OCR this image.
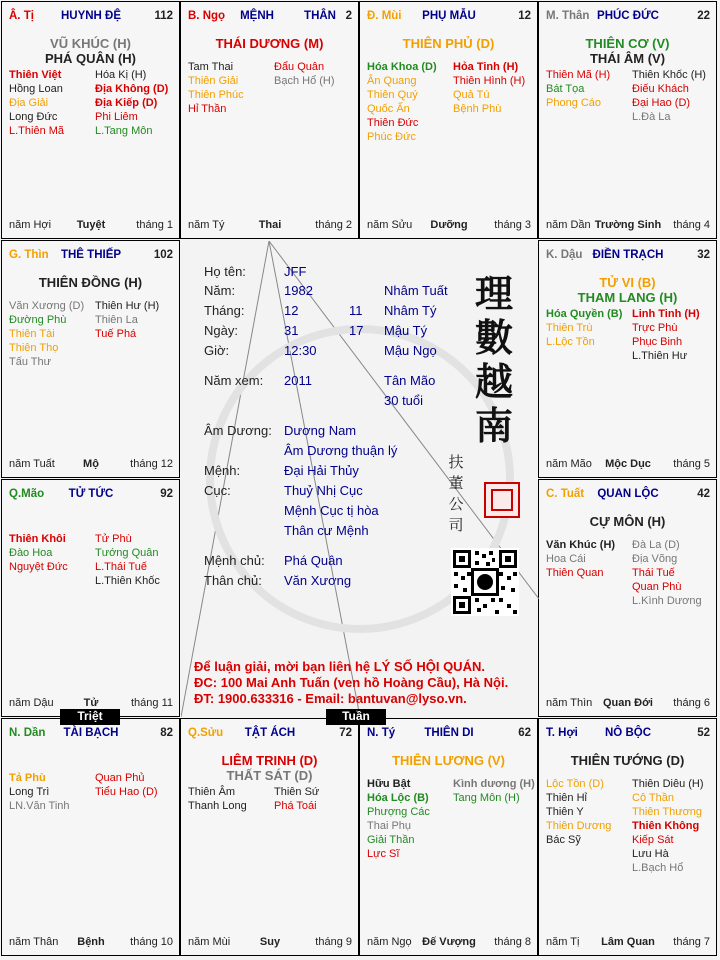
Â. Tị	HUYNH ĐỆ	112
VŨ KHÚC (H)
PHÁ QUÂN (H)
Thiên Việt
Hồng Loan
Địa Giải
Long Đức
L.Thiên Mã
Hóa Kị (H)
Địa Không (D)
Địa Kiếp (D)
Phi Liêm
L.Tang Môn
năm Hợi	Tuyệt	tháng 1
B. Ngọ	MỆNH	2
THÂN
THÁI DƯƠNG (M)
Tam Thai
Thiên Giải
Thiên Phúc
Hỉ Thần
Đẩu Quân
Bạch Hổ (H)
năm Tý	Thai	tháng 2
Đ. Mùi	PHỤ MẪU	12
THIÊN PHỦ (D)
Hóa Khoa (D)
Ân Quang
Thiên Quý
Quốc Ấn
Thiên Đức
Phúc Đức
Hỏa Tinh (H)
Thiên Hình (H)
Quả Tú
Bệnh Phù
năm Sửu	Dưỡng	tháng 3
M. Thân PHÚC ĐỨC	22
THIÊN CƠ (V)
THÁI ÂM (V)
Thiên Mã (H)
Bát Tọa
Phong Cáo
Thiên Khốc (H)
Điếu Khách
Đại Hao (D)
L.Đà La
năm Dần Trường Sinh	tháng 4
G. Thìn	THÊ THIẾP	102
THIÊN ĐỒNG (H)
Văn Xương (D)
Đường Phù
Thiên Tài
Thiên Thọ
Tấu Thư
Thiên Hư (H)
Thiên La
Tuế Phá
năm Tuất	Mộ	tháng 12
K. Dậu ĐIỀN TRẠCH	32
TỬ VI (B)
THAM LANG (H)
Hóa Quyền (B)
Thiên Trù
L.Lộc Tồn
Linh Tinh (H)
Trực Phù
Phục Binh
L.Thiên Hư
năm Mão	Mộc Dục	tháng 5
Q.Mão	TỬ TỨC	92
Thiên Khôi
Đào Hoa
Nguyệt Đức
Tử Phù
Tướng Quân
L.Thái Tuế
L.Thiên Khốc
năm Dậu	Tử	tháng 11
C. Tuất	QUAN LỘC	42
CỰ MÔN (H)
Văn Khúc (H)
Hoa Cái
Thiên Quan
Đà La (D)
Địa Võng
Thái Tuế
Quan Phù
L.Kình Dương
năm Thìn Quan Đới	tháng 6
N. Dần	TÀI BẠCH	82
Tả Phù
Long Trì
LN.Văn Tinh
Quan Phủ
Tiểu Hao (D)
năm Thân	Bệnh	tháng 10
Q.Sửu	TẬT ÁCH	72
LIÊM TRINH (D)
THẤT SÁT (D)
Thiên Âm
Thanh Long
Thiên Sứ
Phá Toái
năm Mùi	Suy	tháng 9
N. Tý	THIÊN DI	62
THIÊN LƯƠNG (V)
Hữu Bật
Hóa Lộc (B)
Phượng Các
Thai Phụ
Giải Thần
Lực Sĩ
Kình dương (H)
Tang Môn (H)
năm Ngọ Đế Vượng	tháng 8
T. Hợi	NÔ BỘC	52
THIÊN TƯỚNG (D)
Lộc Tồn (D)
Thiên Hỉ
Thiên Y
Thiên Dương
Bác Sỹ
Thiên Diêu (H)
Cô Thần
Thiên Thương
Thiên Không
Kiếp Sát
Lưu Hà
L.Bạch Hổ
năm Tị	Lâm Quan	tháng 7
Họ tên:	JFF
Năm:	1982	Nhâm Tuất
Tháng:	12	11 Nhâm Tý
Ngày:	31	17 Mậu Tý
Giờ:	12:30	Mậu Ngọ
Năm xem: 2011	Tân Mão
30 tuổi
Âm Dương: Dương Nam
Âm Dương thuận lý
Mệnh:	Đại Hải Thủy
Cục:	Thuỷ Nhị Cục
Mệnh Cục tị hòa
Thân cư Mệnh
Mệnh chủ: Phá Quân
Thân chủ: Văn Xương
理
數
越
南
扶
董
公
司
Để luận giải, mời bạn liên hệ LÝ SỐ HỘI QUÁN.
ĐC: 100 Mai Anh Tuấn (ven hồ Hoàng Cầu), Hà Nội.
ĐT: 1900.633316 - Email: bantuvan@lyso.vn.
Triệt	Tuần
